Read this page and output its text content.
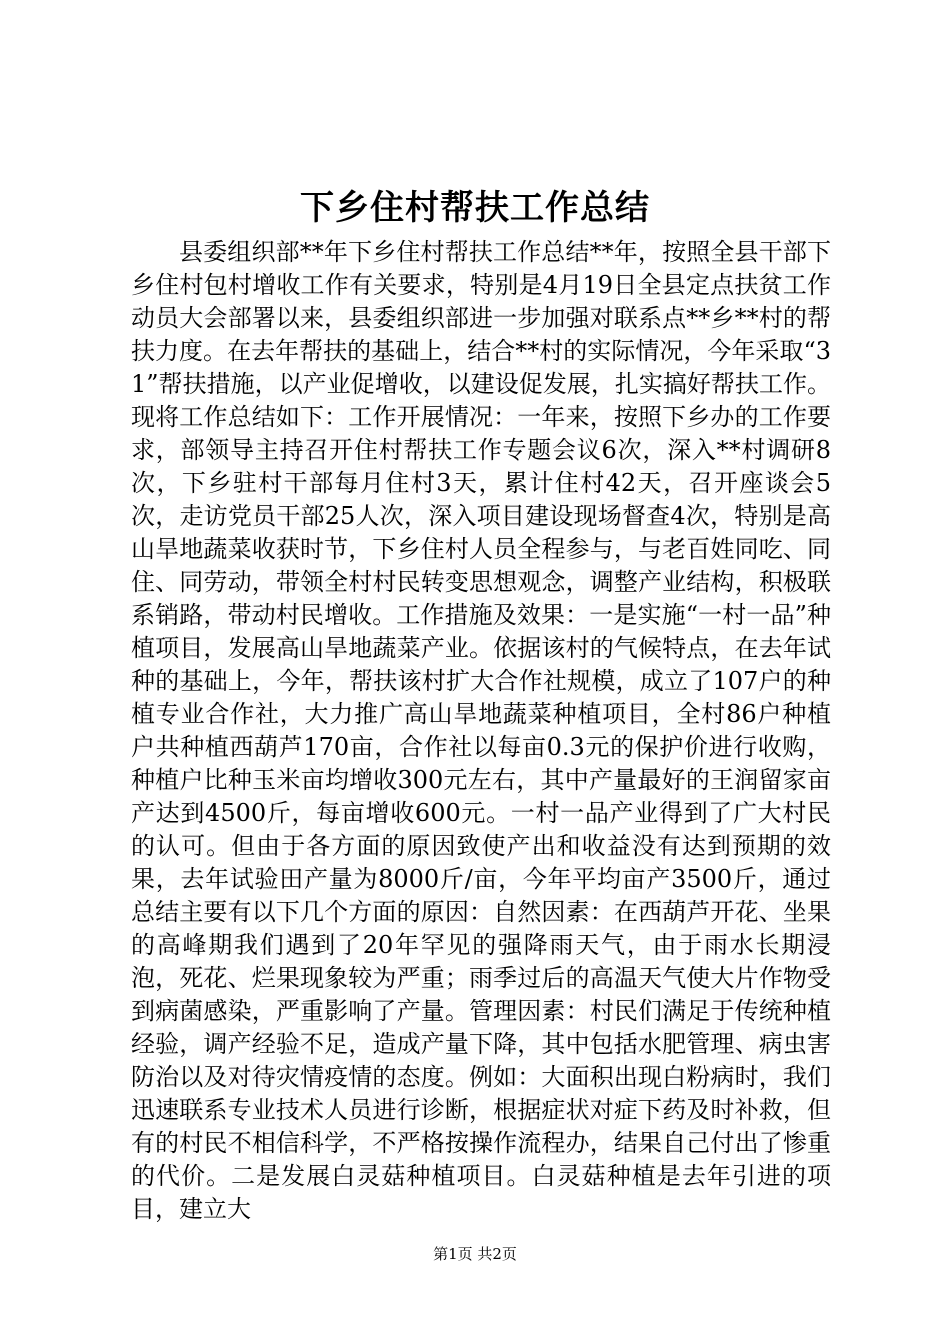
下乡住村帮扶工作总结

县委组织部**年下乡住村帮扶工作总结**年，按照全县干部下乡住村包村增收工作有关要求，特别是4月19日全县定点扶贫工作动员大会部署以来，县委组织部进一步加强对联系点**乡**村的帮扶力度。在去年帮扶的基础上，结合**村的实际情况，今年采取“31”帮扶措施，以产业促增收，以建设促发展，扎实搞好帮扶工作。现将工作总结如下：工作开展情况：一年来，按照下乡办的工作要求，部领导主持召开住村帮扶工作专题会议6次，深入**村调研8次，下乡驻村干部每月住村3天，累计住村42天，召开座谈会5次，走访党员干部25人次，深入项目建设现场督查4次，特别是高山旱地蔬菜收获时节，下乡住村人员全程参与，与老百姓同吃、同住、同劳动，带领全村村民转变思想观念，调整产业结构，积极联系销路，带动村民增收。工作措施及效果：一是实施“一村一品”种植项目，发展高山旱地蔬菜产业。依据该村的气候特点，在去年试种的基础上，今年，帮扶该村扩大合作社规模，成立了107户的种植专业合作社，大力推广高山旱地蔬菜种植项目，全村86户种植户共种植西葫芦170亩，合作社以每亩0.3元的保护价进行收购，种植户比种玉米亩均增收300元左右，其中产量最好的王润留家亩产达到4500斤，每亩增收600元。一村一品产业得到了广大村民的认可。但由于各方面的原因致使产出和收益没有达到预期的效果，去年试验田产量为8000斤/亩，今年平均亩产3500斤，通过总结主要有以下几个方面的原因：自然因素：在西葫芦开花、坐果的高峰期我们遇到了20年罕见的强降雨天气，由于雨水长期浸泡，死花、烂果现象较为严重；雨季过后的高温天气使大片作物受到病菌感染，严重影响了产量。管理因素：村民们满足于传统种植经验，调产经验不足，造成产量下降，其中包括水肥管理、病虫害防治以及对待灾情疫情的态度。例如：大面积出现白粉病时，我们迅速联系专业技术人员进行诊断，根据症状对症下药及时补救，但有的村民不相信科学，不严格按操作流程办，结果自己付出了惨重的代价。二是发展白灵菇种植项目。白灵菇种植是去年引进的项目，建立大

第1页 共2页
